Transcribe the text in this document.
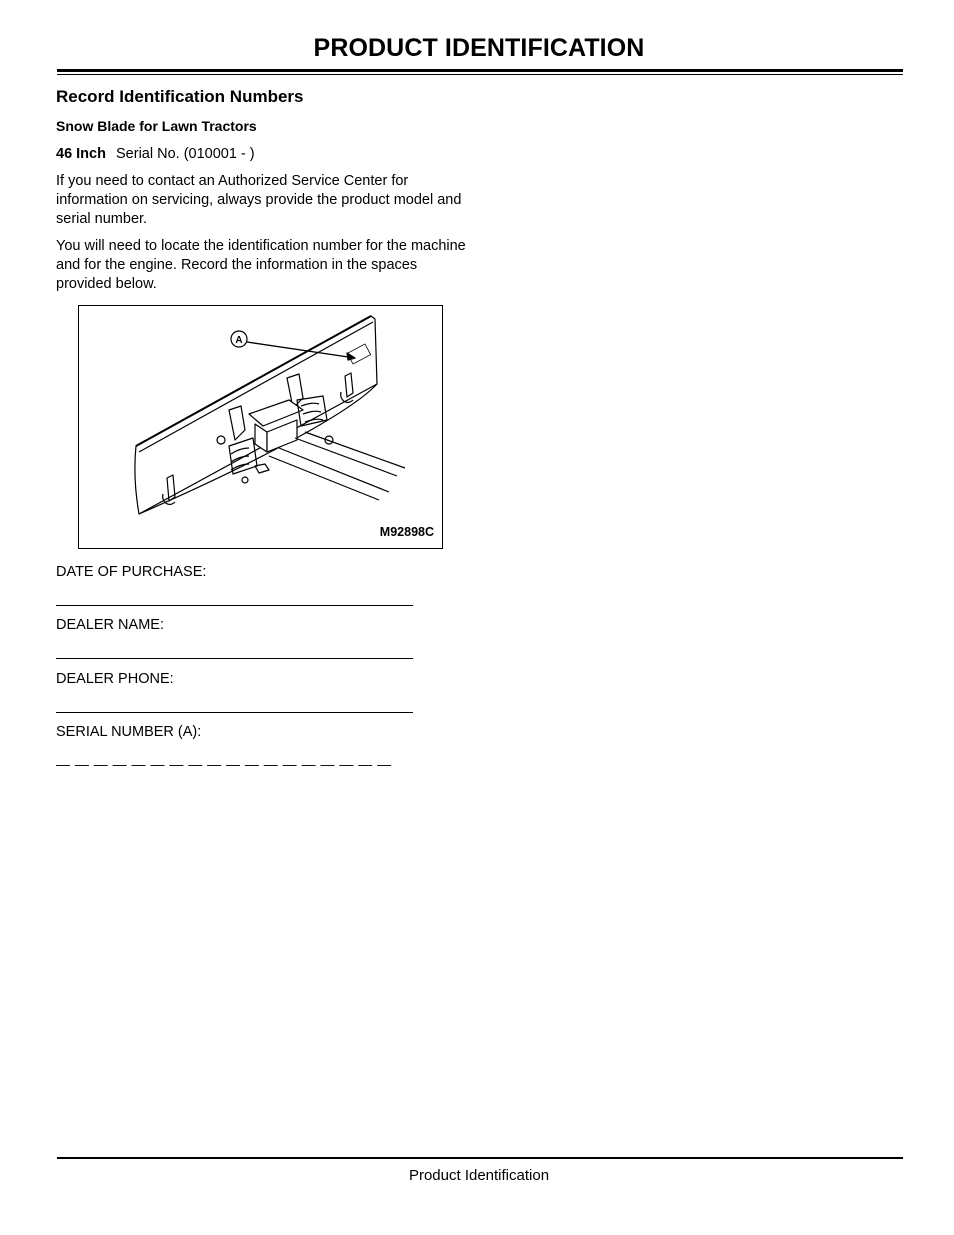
PRODUCT IDENTIFICATION
Record Identification Numbers
Snow Blade for Lawn Tractors
46 Inch Serial No. (010001 - )

If you need to contact an Authorized Service Center for information on servicing, always provide the product model and serial number.

You will need to locate the identification number for the machine and for the engine. Record the information in the spaces provided below.

A
M92898C
DATE OF PURCHASE:
DEALER NAME:
DEALER PHONE:
SERIAL NUMBER (A):
— — — — — — — — — — — — — — — — — —
Product Identification
